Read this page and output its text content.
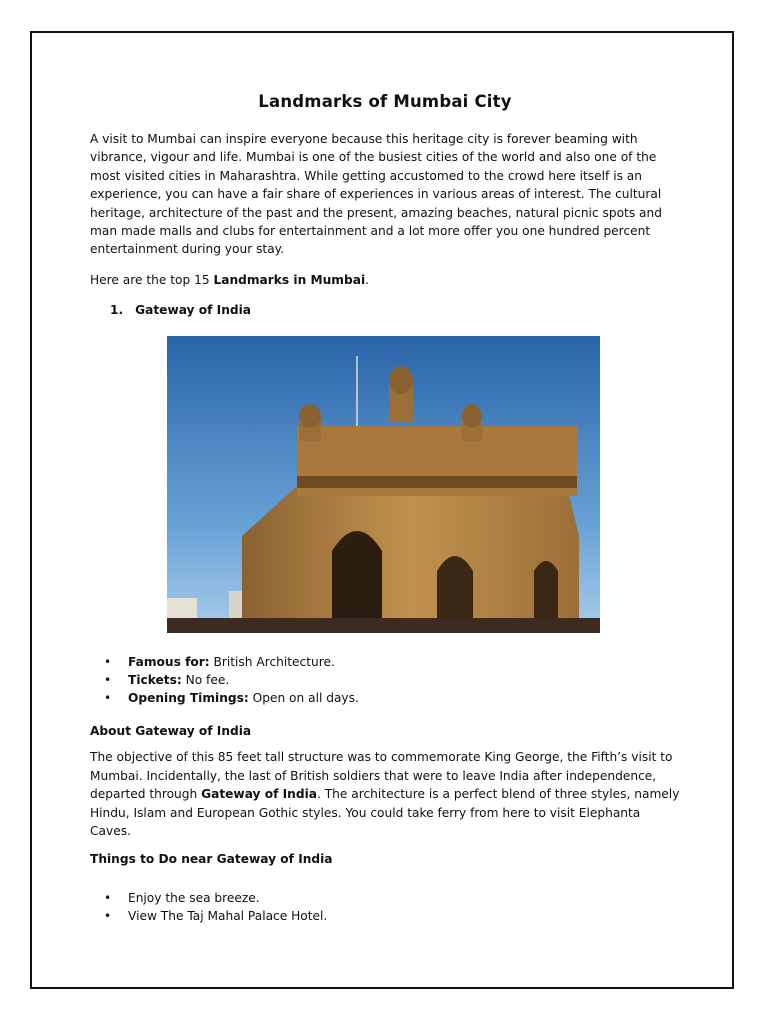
Landmarks of Mumbai City

A visit to Mumbai can inspire everyone because this heritage city is forever beaming with vibrance, vigour and life. Mumbai is one of the busiest cities of the world and also one of the most visited cities in Maharashtra. While getting accustomed to the crowd here itself is an experience, you can have a fair share of experiences in various areas of interest. The cultural heritage, architecture of the past and the present, amazing beaches, natural picnic spots and man made malls and clubs for entertainment and a lot more offer you one hundred percent entertainment during your stay.

Here are the top 15 Landmarks in Mumbai.

1. Gateway of India
• Famous for: British Architecture.
• Tickets: No fee.
• Opening Timings: Open on all days.
About Gateway of India

The objective of this 85 feet tall structure was to commemorate King George, the Fifth’s visit to Mumbai. Incidentally, the last of British soldiers that were to leave India after independence, departed through Gateway of India. The architecture is a perfect blend of three styles, namely Hindu, Islam and European Gothic styles. You could take ferry from here to visit Elephanta Caves.

Things to Do near Gateway of India
• Enjoy the sea breeze.
• View The Taj Mahal Palace Hotel.
